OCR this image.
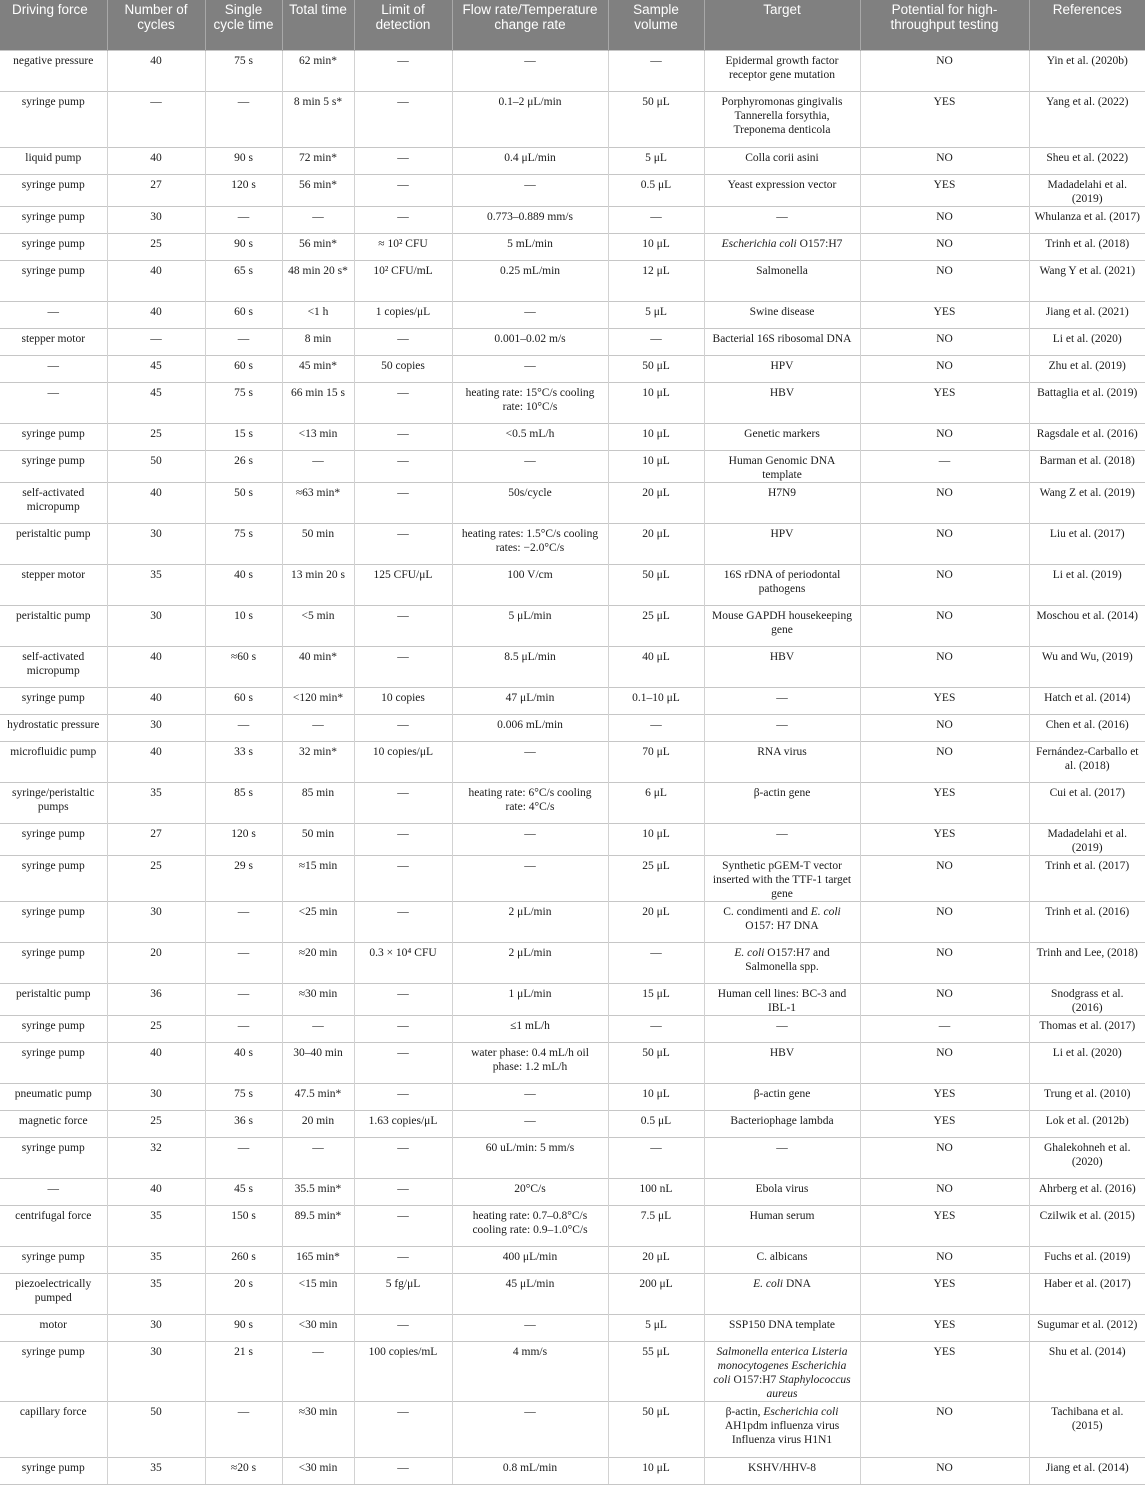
Driving force	Number of cycles	Single cycle time	Total time	Limit of detection	Flow rate/Temperature change rate	Sample volume	Target	Potential for high-throughput testing	References
negative pressure	40	75 s	62 min*	—	—	—	Epidermal growth factor receptor gene mutation	NO	Yin et al. (2020b)
syringe pump	—	—	8 min 5 s*	—	0.1–2 μL/min	50 μL	Porphyromonas gingivalis Tannerella forsythia, Treponema denticola	YES	Yang et al. (2022)
liquid pump	40	90 s	72 min*	—	0.4 μL/min	5 μL	Colla corii asini	NO	Sheu et al. (2022)
syringe pump	27	120 s	56 min*	—	—	0.5 μL	Yeast expression vector	YES	Madadelahi et al. (2019)
syringe pump	30	—	—	—	0.773–0.889 mm/s	—	—	NO	Whulanza et al. (2017)
syringe pump	25	90 s	56 min*	≈ 10² CFU	5 mL/min	10 μL	Escherichia coli O157:H7	NO	Trinh et al. (2018)
syringe pump	40	65 s	48 min 20 s*	10² CFU/mL	0.25 mL/min	12 μL	Salmonella	NO	Wang Y et al. (2021)
—	40	60 s	<1 h	1 copies/μL	—	5 μL	Swine disease	YES	Jiang et al. (2021)
stepper motor	—	—	8 min	—	0.001–0.02 m/s	—	Bacterial 16S ribosomal DNA	NO	Li et al. (2020)
—	45	60 s	45 min*	50 copies	—	50 μL	HPV	NO	Zhu et al. (2019)
—	45	75 s	66 min 15 s	—	heating rate: 15°C/s cooling rate: 10°C/s	10 μL	HBV	YES	Battaglia et al. (2019)
syringe pump	25	15 s	<13 min	—	<0.5 mL/h	10 μL	Genetic markers	NO	Ragsdale et al. (2016)
syringe pump	50	26 s	—	—	—	10 μL	Human Genomic DNA template	—	Barman et al. (2018)
self-activated micropump	40	50 s	≈63 min*	—	50s/cycle	20 μL	H7N9	NO	Wang Z et al. (2019)
peristaltic pump	30	75 s	50 min	—	heating rates: 1.5°C/s cooling rates: −2.0°C/s	20 μL	HPV	NO	Liu et al. (2017)
stepper motor	35	40 s	13 min 20 s	125 CFU/μL	100 V/cm	50 μL	16S rDNA of periodontal pathogens	NO	Li et al. (2019)
peristaltic pump	30	10 s	<5 min	—	5 μL/min	25 μL	Mouse GAPDH housekeeping gene	NO	Moschou et al. (2014)
self-activated micropump	40	≈60 s	40 min*	—	8.5 μL/min	40 μL	HBV	NO	Wu and Wu, (2019)
syringe pump	40	60 s	<120 min*	10 copies	47 μL/min	0.1–10 μL	—	YES	Hatch et al. (2014)
hydrostatic pressure	30	—	—	—	0.006 mL/min	—	—	NO	Chen et al. (2016)
microfluidic pump	40	33 s	32 min*	10 copies/μL	—	70 μL	RNA virus	NO	Fernández-Carballo et al. (2018)
syringe/peristaltic pumps	35	85 s	85 min	—	heating rate: 6°C/s cooling rate: 4°C/s	6 μL	β-actin gene	YES	Cui et al. (2017)
syringe pump	27	120 s	50 min	—	—	10 μL	—	YES	Madadelahi et al. (2019)
syringe pump	25	29 s	≈15 min	—	—	25 μL	Synthetic pGEM-T vector inserted with the TTF-1 target gene	NO	Trinh et al. (2017)
syringe pump	30	—	<25 min	—	2 μL/min	20 μL	C. condimenti and E. coli O157: H7 DNA	NO	Trinh et al. (2016)
syringe pump	20	—	≈20 min	0.3 × 10⁴ CFU	2 μL/min	—	E. coli O157:H7 and Salmonella spp.	NO	Trinh and Lee, (2018)
peristaltic pump	36	—	≈30 min	—	1 μL/min	15 μL	Human cell lines: BC-3 and IBL-1	NO	Snodgrass et al. (2016)
syringe pump	25	—	—	—	≤1 mL/h	—	—	—	Thomas et al. (2017)
syringe pump	40	40 s	30–40 min	—	water phase: 0.4 mL/h oil phase: 1.2 mL/h	50 μL	HBV	NO	Li et al. (2020)
pneumatic pump	30	75 s	47.5 min*	—	—	10 μL	β-actin gene	YES	Trung et al. (2010)
magnetic force	25	36 s	20 min	1.63 copies/μL	—	0.5 μL	Bacteriophage lambda	YES	Lok et al. (2012b)
syringe pump	32	—	—	—	60 uL/min: 5 mm/s	—	—	NO	Ghalekohneh et al. (2020)
—	40	45 s	35.5 min*	—	20°C/s	100 nL	Ebola virus	NO	Ahrberg et al. (2016)
centrifugal force	35	150 s	89.5 min*	—	heating rate: 0.7–0.8°C/s cooling rate: 0.9–1.0°C/s	7.5 μL	Human serum	YES	Czilwik et al. (2015)
syringe pump	35	260 s	165 min*	—	400 μL/min	20 μL	C. albicans	NO	Fuchs et al. (2019)
piezoelectrically pumped	35	20 s	<15 min	5 fg/μL	45 μL/min	200 μL	E. coli DNA	YES	Haber et al. (2017)
motor	30	90 s	<30 min	—	—	5 μL	SSP150 DNA template	YES	Sugumar et al. (2012)
syringe pump	30	21 s	—	100 copies/mL	4 mm/s	55 μL	Salmonella enterica Listeria monocytogenes Escherichia coli O157:H7 Staphylococcus aureus	YES	Shu et al. (2014)
capillary force	50	—	≈30 min	—	—	50 μL	β-actin, Escherichia coli AH1pdm influenza virus Influenza virus H1N1	NO	Tachibana et al. (2015)
syringe pump	35	≈20 s	<30 min	—	0.8 mL/min	10 μL	KSHV/HHV-8	NO	Jiang et al. (2014)
